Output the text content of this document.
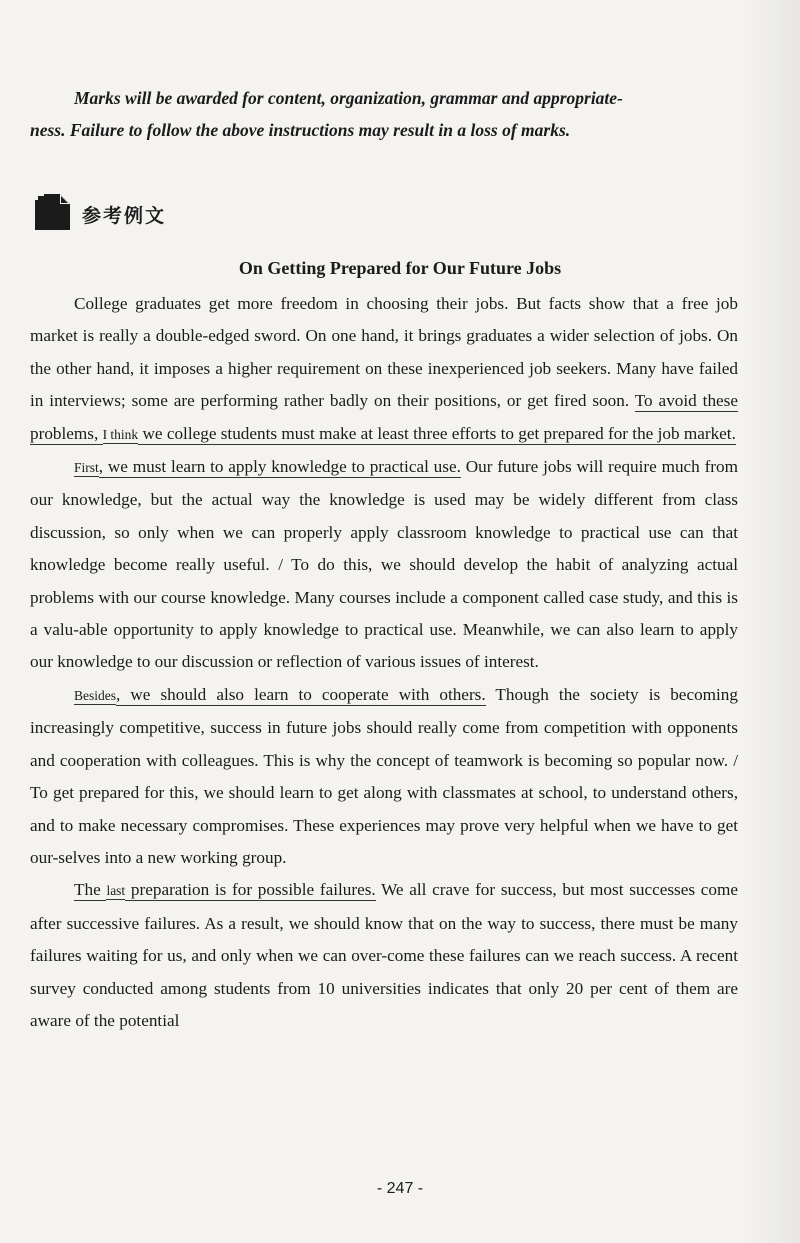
Marks will be awarded for content, organization, grammar and appropriate-
ness. Failure to follow the above instructions may result in a loss of marks.
参考例文
On Getting Prepared for Our Future Jobs

College graduates get more freedom in choosing their jobs. But facts show that a free job market is really a double-edged sword. On one hand, it brings graduates a wider selection of jobs. On the other hand, it imposes a higher requirement on these inexperienced job seekers. Many have failed in interviews; some are performing rather badly on their positions, or get fired soon. To avoid these problems, I think we college students must make at least three efforts to get prepared for the job market.

First, we must learn to apply knowledge to practical use. Our future jobs will require much from our knowledge, but the actual way the knowledge is used may be widely different from class discussion, so only when we can properly apply classroom knowledge to practical use can that knowledge become really useful. / To do this, we should develop the habit of analyzing actual problems with our course knowledge. Many courses include a component called case study, and this is a valu-able opportunity to apply knowledge to practical use. Meanwhile, we can also learn to apply our knowledge to our discussion or reflection of various issues of interest.

Besides, we should also learn to cooperate with others. Though the society is becoming increasingly competitive, success in future jobs should really come from competition with opponents and cooperation with colleagues. This is why the concept of teamwork is becoming so popular now. / To get prepared for this, we should learn to get along with classmates at school, to understand others, and to make necessary compromises. These experiences may prove very helpful when we have to get our-selves into a new working group.

The last preparation is for possible failures. We all crave for success, but most successes come after successive failures. As a result, we should know that on the way to success, there must be many failures waiting for us, and only when we can over-come these failures can we reach success. A recent survey conducted among students from 10 universities indicates that only 20 per cent of them are aware of the potential

- 247 -
